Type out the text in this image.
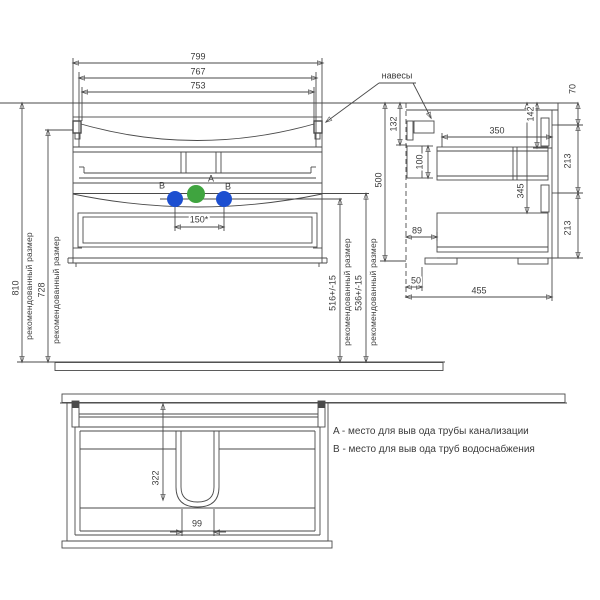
799
767
753
150*
810 рекомендованный размер 728 рекомендованный размер	516+/-15 рекомендованный размер 536+/-15 рекомендованный размер
500
A
B	B
навесы
132
100
350
142
70
213
213
345
89
50
455
322
99
A - место для выв ода трубы канализации
B - место для выв ода труб водоснабжения
